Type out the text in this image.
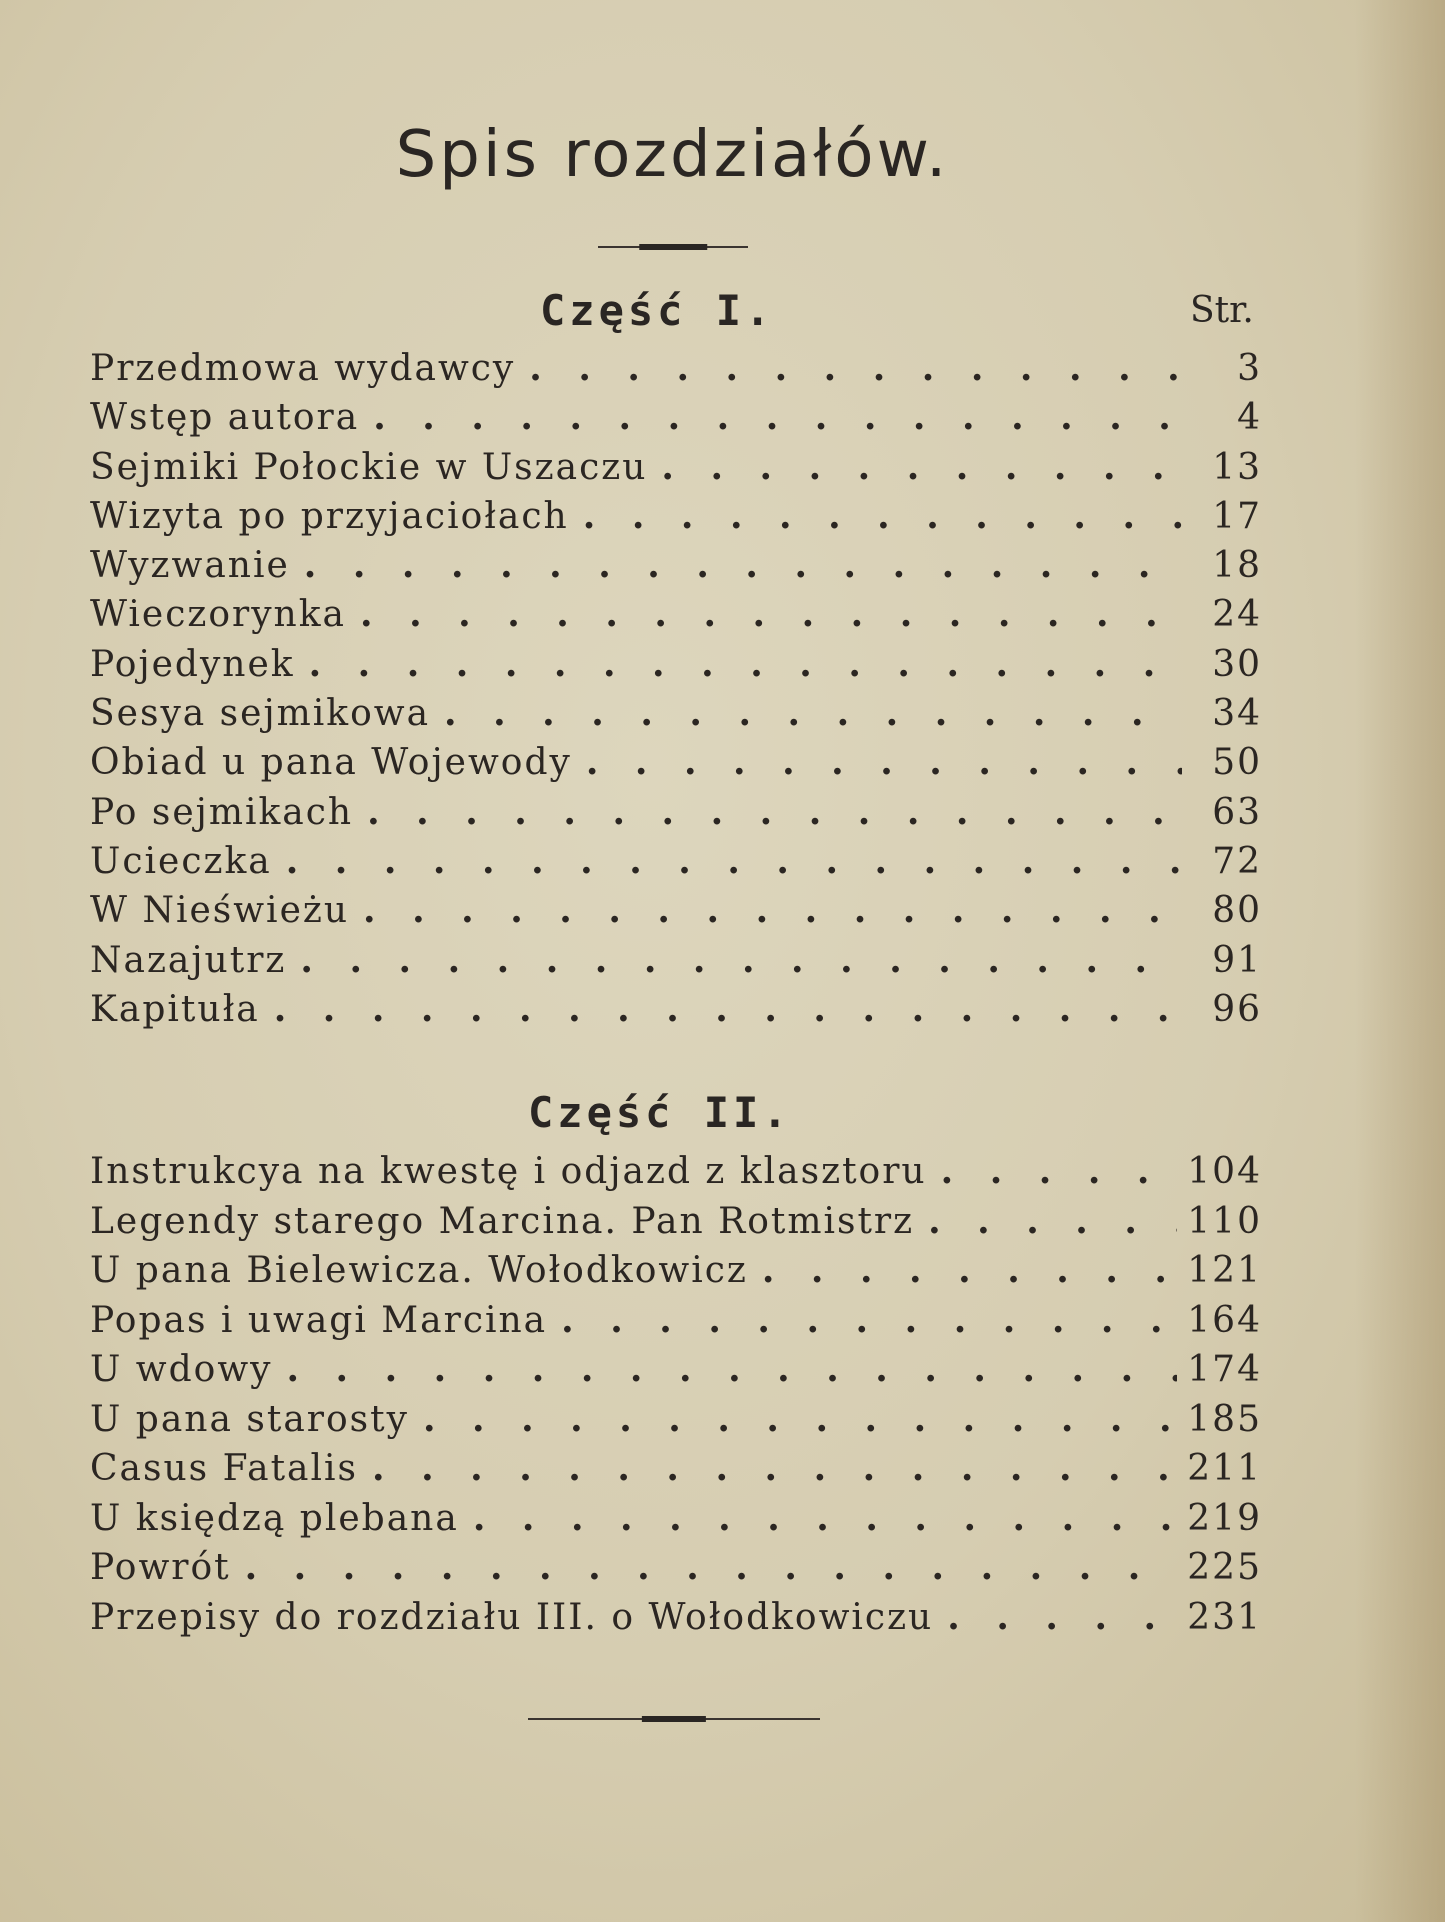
Spis rozdziałów.
Część I.	Str.
Przedmowa wydawcy . . .	3
Wstęp autora . . .	4
Sejmiki Połockie w Uszaczu . . .	13
Wizyta po przyjaciołach . . .	17
Wyzwanie . . .	18
Wieczorynka . . .	24
Pojedynek . . .	30
Sesya sejmikowa . . .	34
Obiad u pana Wojewody . . .	50
Po sejmikach . . .	63
Ucieczka . . .	72
W Nieświeżu . . .	80
Nazajutrz . . .	91
Kapituła . . .	96
Część II.
Instrukcya na kwestę i odjazd z klasztoru . . .	104
Legendy starego Marcina. Pan Rotmistrz . . .	110
U pana Bielewicza. Wołodkowicz . . .	121
Popas i uwagi Marcina . . .	164
U wdowy . . .	174
U pana starosty . . .	185
Casus Fatalis . . .	211
U księdzą plebana . . .	219
Powrót . . .	225
Przepisy do rozdziału III. o Wołodkowiczu . . .	231
